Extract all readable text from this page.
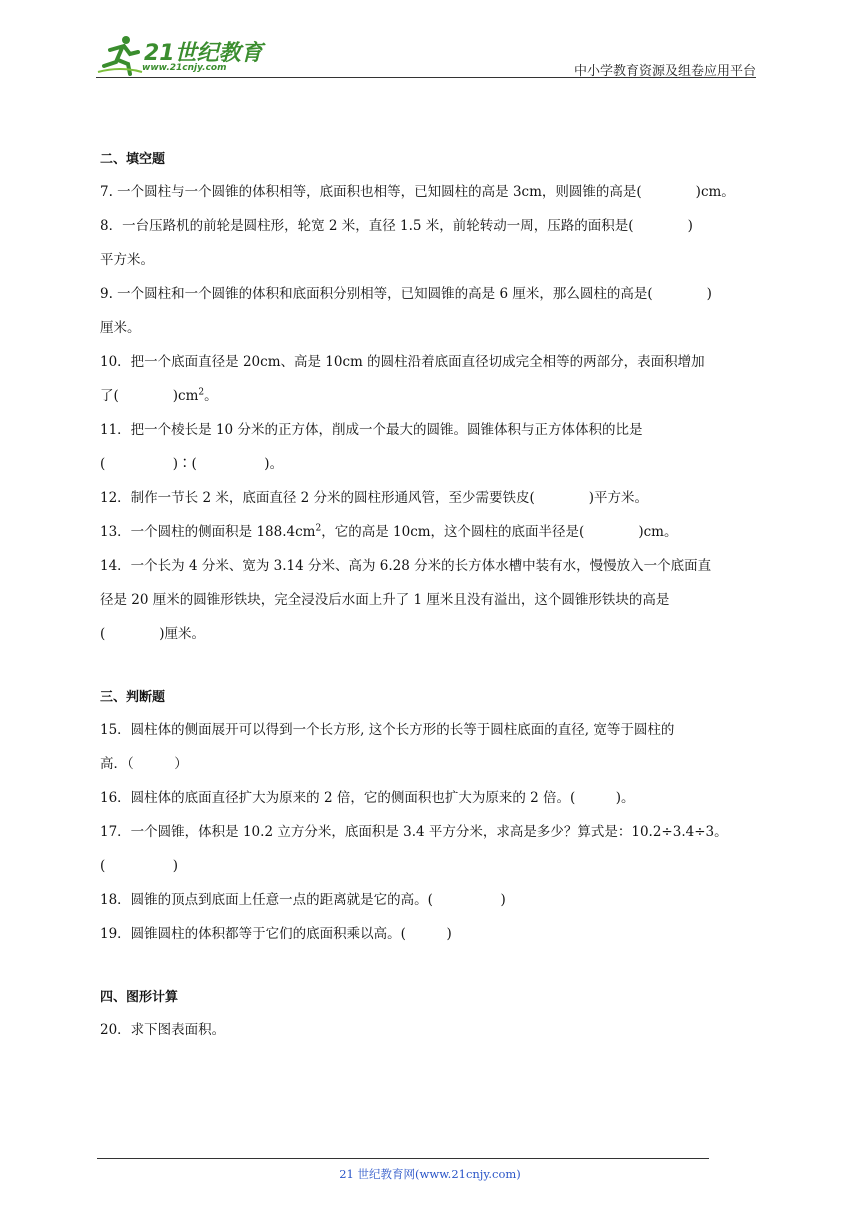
21世纪教育
www.21cnjy.com	中小学教育资源及组卷应用平台
二、填空题
7. 一个圆柱与一个圆锥的体积相等，底面积也相等，已知圆柱的高是 3cm，则圆锥的高是(　　　　)cm。
8．一台压路机的前轮是圆柱形，轮宽 2 米，直径 1.5 米，前轮转动一周，压路的面积是(　　　　)
平方米。
9. 一个圆柱和一个圆锥的体积和底面积分别相等，已知圆锥的高是 6 厘米，那么圆柱的高是(　　　　)
厘米。
10．把一个底面直径是 20cm、高是 10cm 的圆柱沿着底面直径切成完全相等的两部分，表面积增加
了(　　　　)$cm^2$。
11．把一个棱长是 10 分米的正方体，削成一个最大的圆锥。圆锥体积与正方体体积的比是
(　　　　　)∶(　　　　　)。
12．制作一节长 2 米，底面直径 2 分米的圆柱形通风管，至少需要铁皮(　　　　)平方米。
13．一个圆柱的侧面积是 $188.4cm^2$，它的高是 10cm，这个圆柱的底面半径是(　　　　)cm。
14．一个长为 4 分米、宽为 3.14 分米、高为 6.28 分米的长方体水槽中装有水，慢慢放入一个底面直
径是 20 厘米的圆锥形铁块，完全浸没后水面上升了 1 厘米且没有溢出，这个圆锥形铁块的高是
(　　　　)厘米。
三、判断题
15．圆柱体的侧面展开可以得到一个长方形, 这个长方形的长等于圆柱底面的直径, 宽等于圆柱的
高．（　　　）
16．圆柱体的底面直径扩大为原来的 2 倍，它的侧面积也扩大为原来的 2 倍。(　　　)。
17．一个圆锥，体积是 10.2 立方分米，底面积是 3.4 平方分米，求高是多少？算式是：10.2÷3.4÷3。
(　　　　　)
18．圆锥的顶点到底面上任意一点的距离就是它的高。(　　　　　)
19．圆锥圆柱的体积都等于它们的底面积乘以高。(　　　)
四、图形计算
20．求下图表面积。
21 世纪教育网(www.21cnjy.com)
